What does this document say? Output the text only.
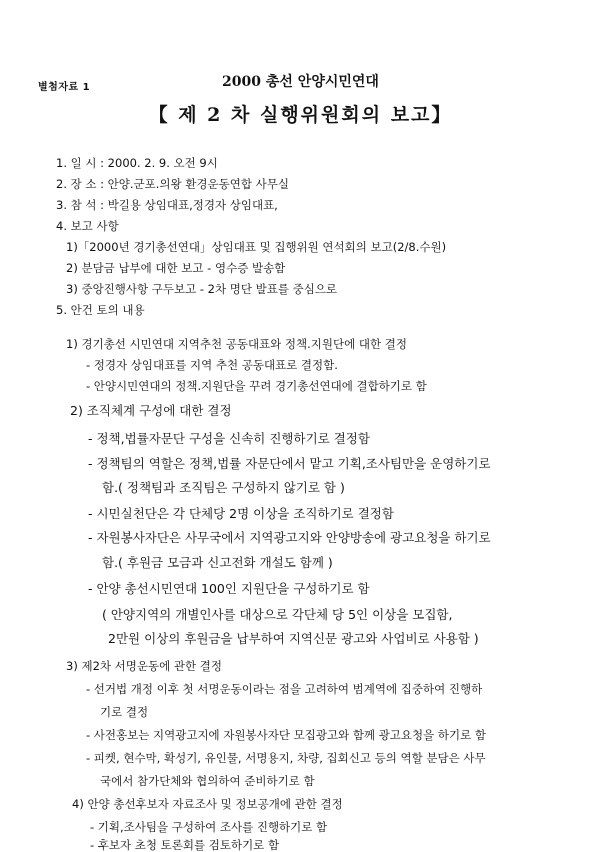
별첨자료 1	2000 총선 안양시민연대
【 제 2 차 실행위원회의 보고】
1. 일 시 : 2000. 2. 9. 오전 9시
2. 장 소 : 안양.군포.의왕 환경운동연합 사무실
3. 참 석 : 박길용 상임대표,정경자 상임대표,
4. 보고 사항
1)「2000년 경기총선연대」상임대표 및 집행위원 연석회의 보고(2/8.수원)
2) 분담금 납부에 대한 보고 - 영수증 발송함
3) 중앙진행사항 구두보고 - 2차 명단 발표를 중심으로
5. 안건 토의 내용
1) 경기총선 시민연대 지역추천 공동대표와 정책.지원단에 대한 결정
- 정경자 상임대표를 지역 추천 공동대표로 결정함.
- 안양시민연대의 정책.지원단을 꾸려 경기총선연대에 결합하기로 함
2) 조직체계 구성에 대한 결정
- 정책,법률자문단 구성을 신속히 진행하기로 결정함
- 정책팀의 역할은 정책,법률 자문단에서 맡고 기획,조사팀만을 운영하기로
함.( 정책팀과 조직팀은 구성하지 않기로 함 )
- 시민실천단은 각 단체당 2명 이상을 조직하기로 결정함
- 자원봉사자단은 사무국에서 지역광고지와 안양방송에 광고요청을 하기로
함.( 후원금 모금과 신고전화 개설도 함께 )
- 안양 총선시민연대 100인 지원단을 구성하기로 함
( 안양지역의 개별인사를 대상으로 각단체 당 5인 이상을 모집함,
2만원 이상의 후원금을 납부하여 지역신문 광고와 사업비로 사용함 )
3) 제2차 서명운동에 관한 결정
- 선거법 개정 이후 첫 서명운동이라는 점을 고려하여 범계역에 집중하여 진행하
기로 결정
- 사전홍보는 지역광고지에 자원봉사자단 모집광고와 함께 광고요청을 하기로 함
- 피켓, 현수막, 확성기, 유인물, 서명용지, 차량, 집회신고 등의 역할 분담은 사무
국에서 참가단체와 협의하여 준비하기로 함
4) 안양 총선후보자 자료조사 및 정보공개에 관한 결정
- 기획,조사팀을 구성하여 조사를 진행하기로 함
- 후보자 초청 토론회를 검토하기로 함
